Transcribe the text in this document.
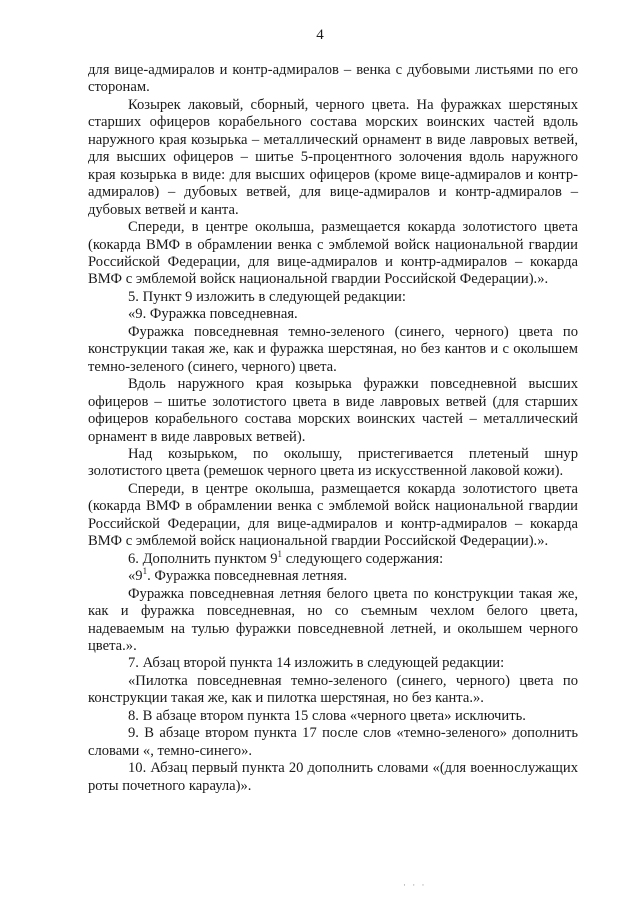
4

для вице-адмиралов и контр-адмиралов – венка с дубовыми листьями по его сторонам.

Козырек лаковый, сборный, черного цвета. На фуражках шерстяных старших офицеров корабельного состава морских воинских частей вдоль наружного края козырька – металлический орнамент в виде лавровых ветвей, для высших офицеров – шитье 5-процентного золочения вдоль наружного края козырька в виде: для высших офицеров (кроме вице-адмиралов и контр-адмиралов) – дубовых ветвей, для вице-адмиралов и контр-адмиралов – дубовых ветвей и канта.

Спереди, в центре околыша, размещается кокарда золотистого цвета (кокарда ВМФ в обрамлении венка с эмблемой войск национальной гвардии Российской Федерации, для вице-адмиралов и контр-адмиралов – кокарда ВМФ с эмблемой войск национальной гвардии Российской Федерации).».

5. Пункт 9 изложить в следующей редакции:

«9. Фуражка повседневная.

Фуражка повседневная темно-зеленого (синего, черного) цвета по конструкции такая же, как и фуражка шерстяная, но без кантов и с околышем темно-зеленого (синего, черного) цвета.

Вдоль наружного края козырька фуражки повседневной высших офицеров – шитье золотистого цвета в виде лавровых ветвей (для старших офицеров корабельного состава морских воинских частей – металлический орнамент в виде лавровых ветвей).

Над козырьком, по околышу, пристегивается плетеный шнур золотистого цвета (ремешок черного цвета из искусственной лаковой кожи).

Спереди, в центре околыша, размещается кокарда золотистого цвета (кокарда ВМФ в обрамлении венка с эмблемой войск национальной гвардии Российской Федерации, для вице-адмиралов и контр-адмиралов – кокарда ВМФ с эмблемой войск национальной гвардии Российской Федерации).».

6. Дополнить пунктом $9^1$ следующего содержания:

«$9^1$. Фуражка повседневная летняя.

Фуражка повседневная летняя белого цвета по конструкции такая же, как и фуражка повседневная, но со съемным чехлом белого цвета, надеваемым на тулью фуражки повседневной летней, и околышем черного цвета.».

7. Абзац второй пункта 14 изложить в следующей редакции:

«Пилотка повседневная темно-зеленого (синего, черного) цвета по конструкции такая же, как и пилотка шерстяная, но без канта.».

8. В абзаце втором пункта 15 слова «черного цвета» исключить.

9. В абзаце втором пункта 17 после слов «темно-зеленого» дополнить словами «, темно-синего».

10. Абзац первый пункта 20 дополнить словами «(для военнослужащих роты почетного караула)».

· · ·
